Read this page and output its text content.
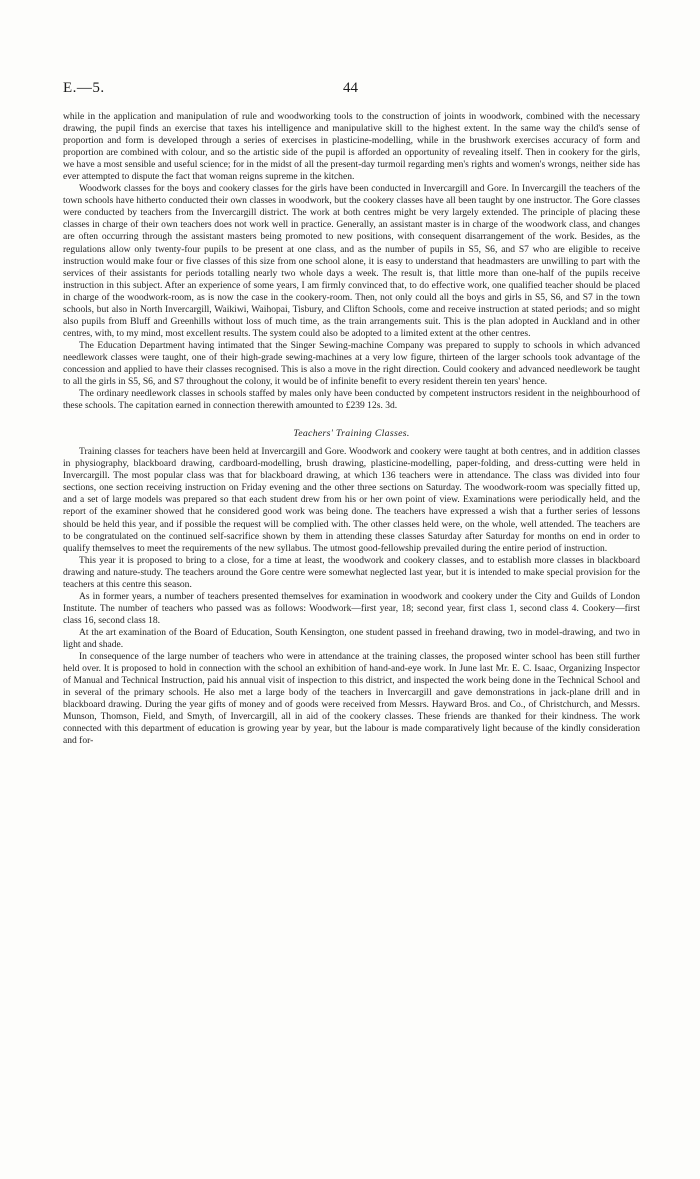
E.—5.	44

while in the application and manipulation of rule and woodworking tools to the construction of joints in woodwork, combined with the necessary drawing, the pupil finds an exercise that taxes his intelligence and manipulative skill to the highest extent. In the same way the child's sense of proportion and form is developed through a series of exercises in plasticine-modelling, while in the brushwork exercises accuracy of form and proportion are combined with colour, and so the artistic side of the pupil is afforded an opportunity of revealing itself. Then in cookery for the girls, we have a most sensible and useful science; for in the midst of all the present-day turmoil regarding men's rights and women's wrongs, neither side has ever attempted to dispute the fact that woman reigns supreme in the kitchen.

Woodwork classes for the boys and cookery classes for the girls have been conducted in Invercargill and Gore. In Invercargill the teachers of the town schools have hitherto conducted their own classes in woodwork, but the cookery classes have all been taught by one instructor. The Gore classes were conducted by teachers from the Invercargill district. The work at both centres might be very largely extended. The principle of placing these classes in charge of their own teachers does not work well in practice. Generally, an assistant master is in charge of the woodwork class, and changes are often occurring through the assistant masters being promoted to new positions, with consequent disarrangement of the work. Besides, as the regulations allow only twenty-four pupils to be present at one class, and as the number of pupils in S5, S6, and S7 who are eligible to receive instruction would make four or five classes of this size from one school alone, it is easy to understand that headmasters are unwilling to part with the services of their assistants for periods totalling nearly two whole days a week. The result is, that little more than one-half of the pupils receive instruction in this subject. After an experience of some years, I am firmly convinced that, to do effective work, one qualified teacher should be placed in charge of the woodwork-room, as is now the case in the cookery-room. Then, not only could all the boys and girls in S5, S6, and S7 in the town schools, but also in North Invercargill, Waikiwi, Waihopai, Tisbury, and Clifton Schools, come and receive instruction at stated periods; and so might also pupils from Bluff and Greenhills without loss of much time, as the train arrangements suit. This is the plan adopted in Auckland and in other centres, with, to my mind, most excellent results. The system could also be adopted to a limited extent at the other centres.

The Education Department having intimated that the Singer Sewing-machine Company was prepared to supply to schools in which advanced needlework classes were taught, one of their high-grade sewing-machines at a very low figure, thirteen of the larger schools took advantage of the concession and applied to have their classes recognised. This is also a move in the right direction. Could cookery and advanced needlework be taught to all the girls in S5, S6, and S7 throughout the colony, it would be of infinite benefit to every resident therein ten years' hence.

The ordinary needlework classes in schools staffed by males only have been conducted by competent instructors resident in the neighbourhood of these schools. The capitation earned in connection therewith amounted to £239 12s. 3d.

Teachers' Training Classes.

Training classes for teachers have been held at Invercargill and Gore. Woodwork and cookery were taught at both centres, and in addition classes in physiography, blackboard drawing, cardboard-modelling, brush drawing, plasticine-modelling, paper-folding, and dress-cutting were held in Invercargill. The most popular class was that for blackboard drawing, at which 136 teachers were in attendance. The class was divided into four sections, one section receiving instruction on Friday evening and the other three sections on Saturday. The woodwork-room was specially fitted up, and a set of large models was prepared so that each student drew from his or her own point of view. Examinations were periodically held, and the report of the examiner showed that he considered good work was being done. The teachers have expressed a wish that a further series of lessons should be held this year, and if possible the request will be complied with. The other classes held were, on the whole, well attended. The teachers are to be congratulated on the continued self-sacrifice shown by them in attending these classes Saturday after Saturday for months on end in order to qualify themselves to meet the requirements of the new syllabus. The utmost good-fellowship prevailed during the entire period of instruction.

This year it is proposed to bring to a close, for a time at least, the woodwork and cookery classes, and to establish more classes in blackboard drawing and nature-study. The teachers around the Gore centre were somewhat neglected last year, but it is intended to make special provision for the teachers at this centre this season.

As in former years, a number of teachers presented themselves for examination in woodwork and cookery under the City and Guilds of London Institute. The number of teachers who passed was as follows: Woodwork—first year, 18; second year, first class 1, second class 4. Cookery—first class 16, second class 18.

At the art examination of the Board of Education, South Kensington, one student passed in freehand drawing, two in model-drawing, and two in light and shade.

In consequence of the large number of teachers who were in attendance at the training classes, the proposed winter school has been still further held over. It is proposed to hold in connection with the school an exhibition of hand-and-eye work. In June last Mr. E. C. Isaac, Organizing Inspector of Manual and Technical Instruction, paid his annual visit of inspection to this district, and inspected the work being done in the Technical School and in several of the primary schools. He also met a large body of the teachers in Invercargill and gave demonstrations in jack-plane drill and in blackboard drawing. During the year gifts of money and of goods were received from Messrs. Hayward Bros. and Co., of Christchurch, and Messrs. Munson, Thomson, Field, and Smyth, of Invercargill, all in aid of the cookery classes. These friends are thanked for their kindness. The work connected with this department of education is growing year by year, but the labour is made comparatively light because of the kindly consideration and for-
